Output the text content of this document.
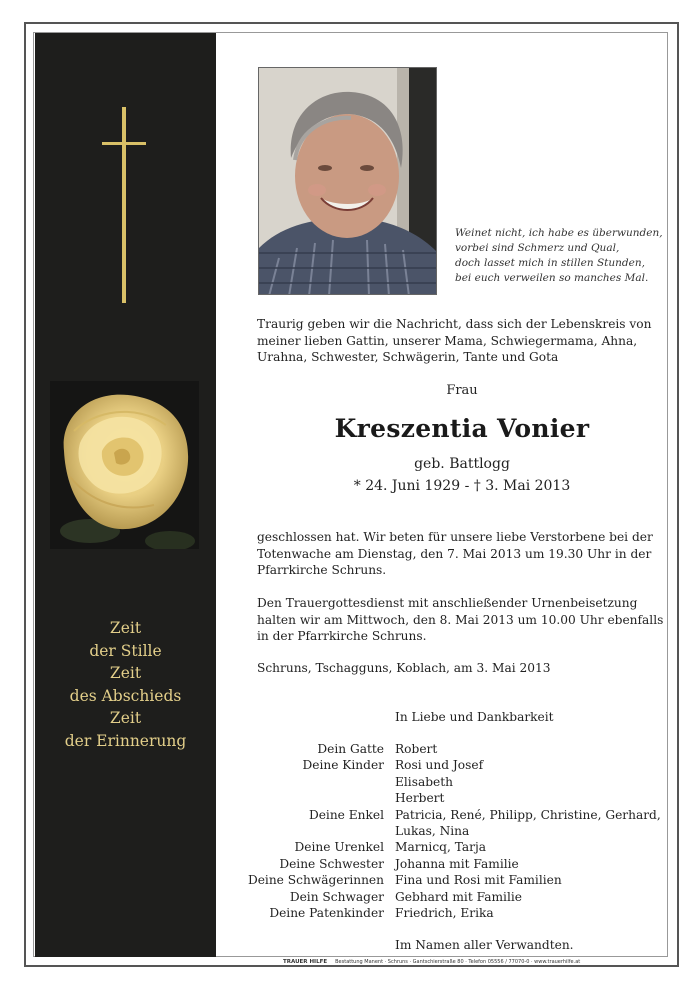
Zeit
der Stille
Zeit
des Abschieds
Zeit
der Erinnerung
Weinet nicht, ich habe es überwunden,
vorbei sind Schmerz und Qual,
doch lasset mich in stillen Stunden,
bei euch verweilen so manches Mal.
Traurig geben wir die Nachricht, dass sich der Lebenskreis von meiner lieben Gattin, unserer Mama, Schwiegermama, Ahna, Urahna, Schwester, Schwägerin, Tante und Gota
Frau
Kreszentia Vonier
geb. Battlogg
* 24. Juni 1929 - † 3. Mai 2013
geschlossen hat. Wir beten für unsere liebe Verstorbene bei der Totenwache am Dienstag, den 7. Mai 2013 um 19.30 Uhr in der Pfarrkirche Schruns.
Den Trauergottesdienst mit anschließender Urnenbeisetzung halten wir am Mittwoch, den 8. Mai 2013 um 10.00 Uhr ebenfalls in der Pfarrkirche Schruns.
Schruns, Tschagguns, Koblach, am 3. Mai 2013
In Liebe und Dankbarkeit
Dein Gatte Robert
Deine Kinder Rosi und Josef
Elisabeth
Herbert
Deine Enkel Patricia, René, Philipp, Christine, Gerhard,
Lukas, Nina
Deine Urenkel Marnicq, Tarja
Deine Schwester Johanna mit Familie
Deine Schwägerinnen Fina und Rosi mit Familien
Dein Schwager Gebhard mit Familie
Deine Patenkinder Friedrich, Erika
Im Namen aller Verwandten.
TRAUER HILFE Bestattung Manent · Schruns · Gantschierstraße 80 · Telefon 05556 / 77070-0 · www.trauerhilfe.at
